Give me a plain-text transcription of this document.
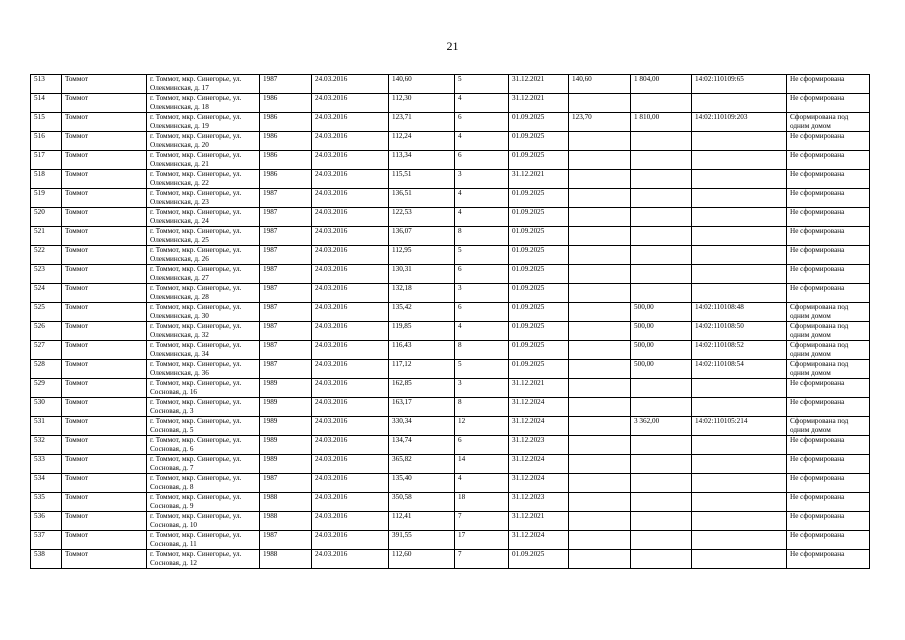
21
513	Томмот	г. Томмот, мкр. Синегорье, ул. Олекминская, д. 17	1987	24.03.2016	140,60	5	31.12.2021	140,60	1 804,00	14:02:110109:65	Не сформирована
514	Томмот	г. Томмот, мкр. Синегорье, ул. Олекминская, д. 18	1986	24.03.2016	112,30	4	31.12.2021				Не сформирована
515	Томмот	г. Томмот, мкр. Синегорье, ул. Олекминская, д. 19	1986	24.03.2016	123,71	6	01.09.2025	123,70	1 810,00	14:02:110109:203	Сформирована под одним домом
516	Томмот	г. Томмот, мкр. Синегорье, ул. Олекминская, д. 20	1986	24.03.2016	112,24	4	01.09.2025				Не сформирована
517	Томмот	г. Томмот, мкр. Синегорье, ул. Олекминская, д. 21	1986	24.03.2016	113,34	6	01.09.2025				Не сформирована
518	Томмот	г. Томмот, мкр. Синегорье, ул. Олекминская, д. 22	1986	24.03.2016	115,51	3	31.12.2021				Не сформирована
519	Томмот	г. Томмот, мкр. Синегорье, ул. Олекминская, д. 23	1987	24.03.2016	136,51	4	01.09.2025				Не сформирована
520	Томмот	г. Томмот, мкр. Синегорье, ул. Олекминская, д. 24	1987	24.03.2016	122,53	4	01.09.2025				Не сформирована
521	Томмот	г. Томмот, мкр. Синегорье, ул. Олекминская, д. 25	1987	24.03.2016	136,07	8	01.09.2025				Не сформирована
522	Томмот	г. Томмот, мкр. Синегорье, ул. Олекминская, д. 26	1987	24.03.2016	112,95	5	01.09.2025				Не сформирована
523	Томмот	г. Томмот, мкр. Синегорье, ул. Олекминская, д. 27	1987	24.03.2016	130,31	6	01.09.2025				Не сформирована
524	Томмот	г. Томмот, мкр. Синегорье, ул. Олекминская, д. 28	1987	24.03.2016	132,18	3	01.09.2025				Не сформирована
525	Томмот	г. Томмот, мкр. Синегорье, ул. Олекминская, д. 30	1987	24.03.2016	135,42	6	01.09.2025		500,00	14:02:110108:48	Сформирована под одним домом
526	Томмот	г. Томмот, мкр. Синегорье, ул. Олекминская, д. 32	1987	24.03.2016	119,85	4	01.09.2025		500,00	14:02:110108:50	Сформирована под одним домом
527	Томмот	г. Томмот, мкр. Синегорье, ул. Олекминская, д. 34	1987	24.03.2016	116,43	8	01.09.2025		500,00	14:02:110108:52	Сформирована под одним домом
528	Томмот	г. Томмот, мкр. Синегорье, ул. Олекминская, д. 36	1987	24.03.2016	117,12	5	01.09.2025		500,00	14:02:110108:54	Сформирована под одним домом
529	Томмот	г. Томмот, мкр. Синегорье, ул. Сосновая, д. 16	1989	24.03.2016	162,85	3	31.12.2021				Не сформирована
530	Томмот	г. Томмот, мкр. Синегорье, ул. Сосновая, д. 3	1989	24.03.2016	163,17	8	31.12.2024				Не сформирована
531	Томмот	г. Томмот, мкр. Синегорье, ул. Сосновая, д. 5	1989	24.03.2016	330,34	12	31.12.2024		3 362,00	14:02:110105:214	Сформирована под одним домом
532	Томмот	г. Томмот, мкр. Синегорье, ул. Сосновая, д. 6	1989	24.03.2016	134,74	6	31.12.2023				Не сформирована
533	Томмот	г. Томмот, мкр. Синегорье, ул. Сосновая, д. 7	1989	24.03.2016	365,82	14	31.12.2024				Не сформирована
534	Томмот	г. Томмот, мкр. Синегорье, ул. Сосновая, д. 8	1987	24.03.2016	135,40	4	31.12.2024				Не сформирована
535	Томмот	г. Томмот, мкр. Синегорье, ул. Сосновая, д. 9	1988	24.03.2016	350,58	18	31.12.2023				Не сформирована
536	Томмот	г. Томмот, мкр. Синегорье, ул. Сосновая, д. 10	1988	24.03.2016	112,41	7	31.12.2021				Не сформирована
537	Томмот	г. Томмот, мкр. Синегорье, ул. Сосновая, д. 11	1987	24.03.2016	391,55	17	31.12.2024				Не сформирована
538	Томмот	г. Томмот, мкр. Синегорье, ул. Сосновая, д. 12	1988	24.03.2016	112,60	7	01.09.2025				Не сформирована
